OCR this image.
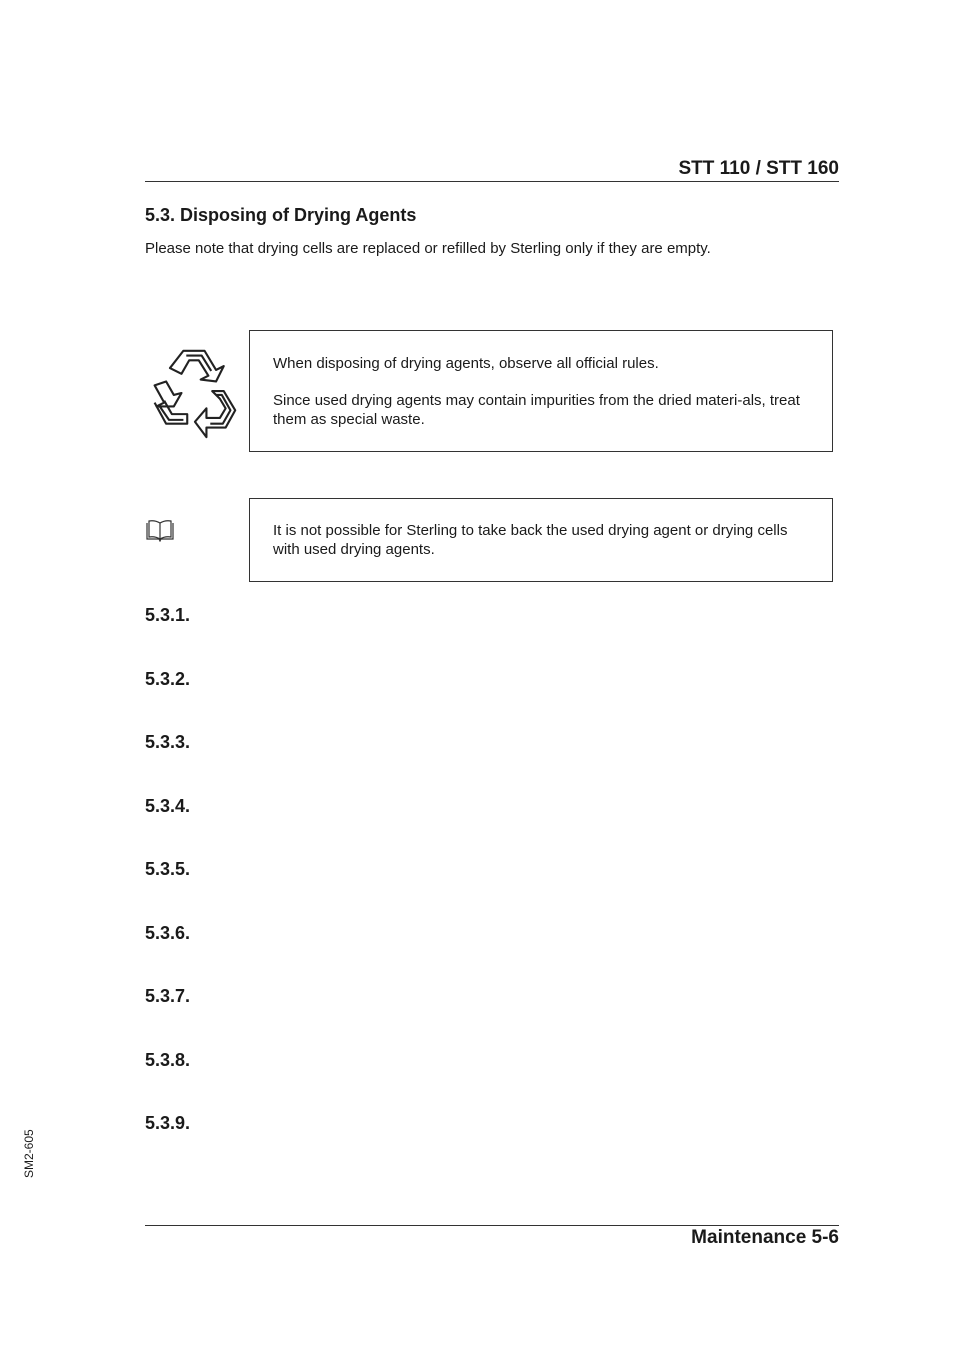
STT 110 / STT 160
5.3. Disposing of Drying Agents
Please note that drying cells are replaced or refilled by Sterling only if they are empty.

When disposing of drying agents, observe all official rules.

Since used drying agents may contain impurities from the dried materi-als, treat them as special waste.

It is not possible for Sterling to take back the used drying agent or drying cells with used drying agents.

5.3.1.
5.3.2.
5.3.3.
5.3.4.
5.3.5.
5.3.6.
5.3.7.
5.3.8.
5.3.9.
SM2-605
Maintenance 5-6
